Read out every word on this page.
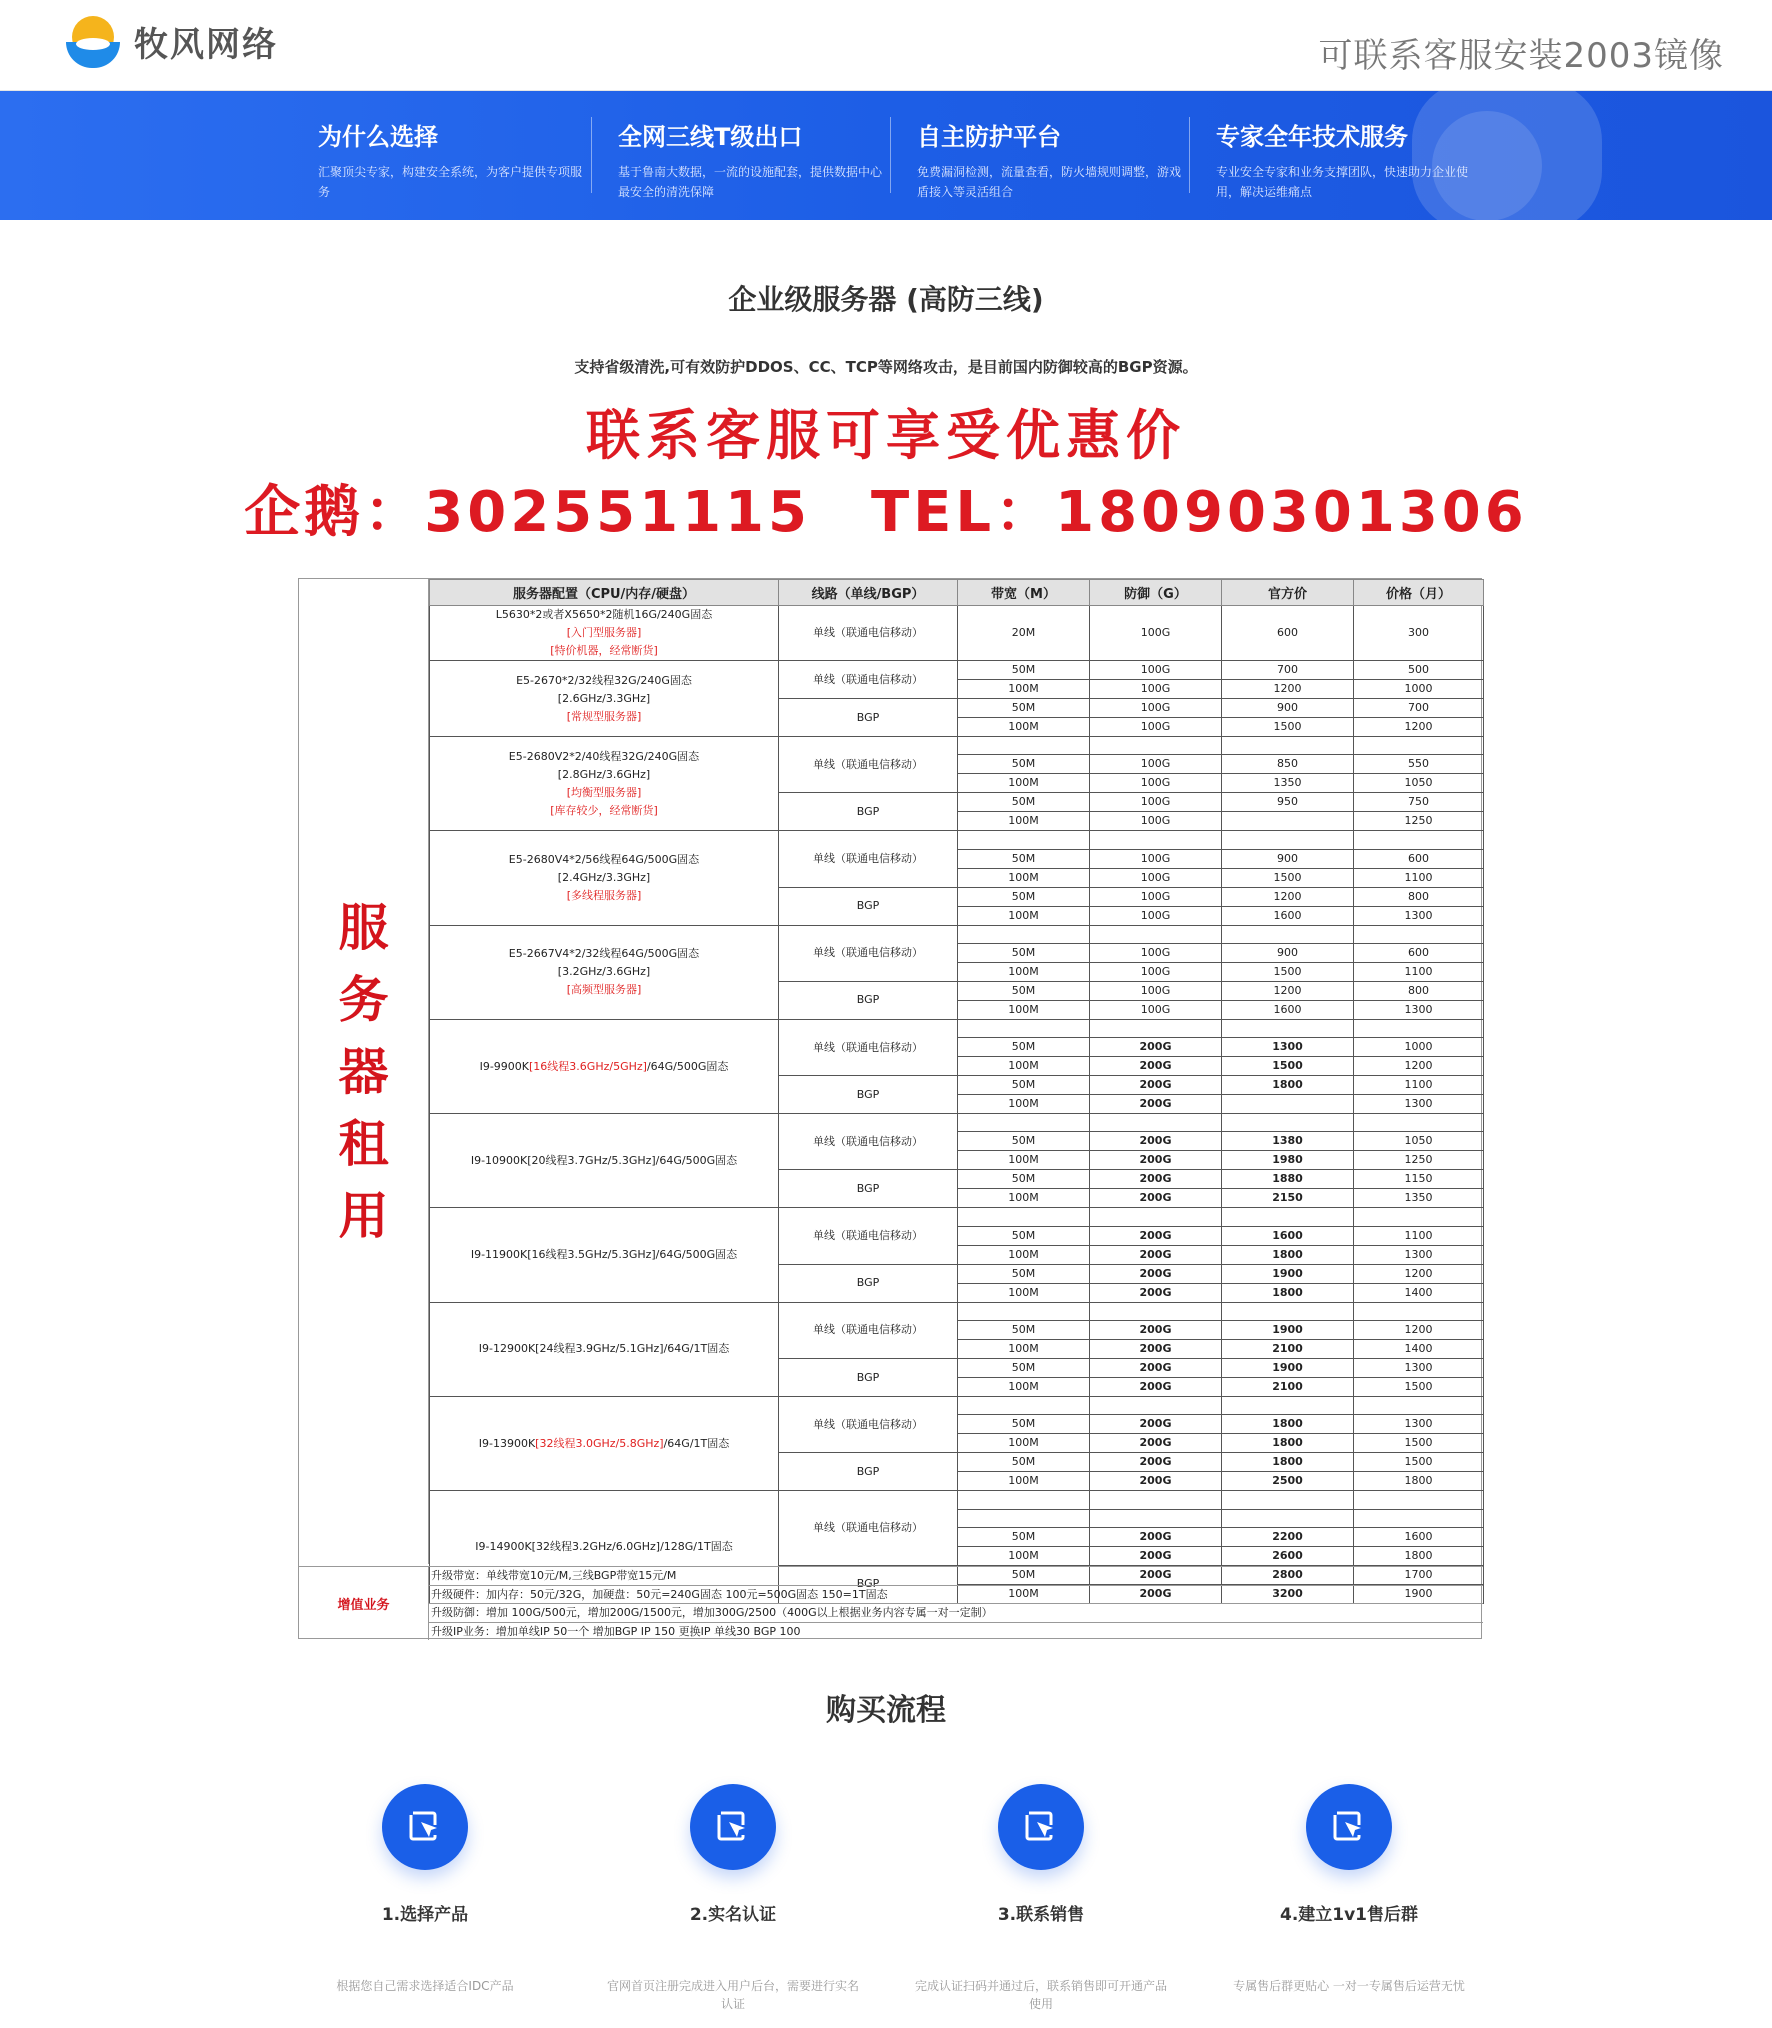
牧风网络	可联系客服安装2003镜像
为什么选择

汇聚顶尖专家，构建安全系统，为客户提供专项服务

全网三线T级出口

基于鲁南大数据，一流的设施配套，提供数据中心最安全的清洗保障

自主防护平台

免费漏洞检测，流量查看，防火墙规则调整，游戏盾接入等灵活组合

专家全年技术服务

专业安全专家和业务支撑团队，快速助力企业使用，解决运维痛点

企业级服务器 (高防三线)
支持省级清洗,可有效防护DDOS、CC、TCP等网络攻击，是目前国内防御较高的BGP资源。
联系客服可享受优惠价
企鹅：302551115 TEL：18090301306
服务器租用
服务器配置（CPU/内存/硬盘）	线路（单线/BGP）	带宽（M）	防御（G）	官方价	价格（月）

L5630*2或者X5650*2随机16G/240G固态
[入门型服务器]
[特价机器，经常断货]	单线（联通电信移动）	20M	100G	600	300

E5-2670*2/32线程32G/240G固态
[2.6GHz/3.3GHz]
[常规型服务器]	单线（联通电信移动）	50M	100G	700	500
		100M	100G	1200	1000
	BGP	50M	100G	900	700
		100M	100G	1500	1200

E5-2680V2*2/40线程32G/240G固态
[2.8GHz/3.6GHz]
[均衡型服务器]
[库存较少，经常断货]	单线（联通电信移动）				
		50M	100G	850	550
		100M	100G	1350	1050
	BGP	50M	100G	950	750
		100M	100G		1250

E5-2680V4*2/56线程64G/500G固态
[2.4GHz/3.3GHz]
[多线程服务器]	单线（联通电信移动）				
		50M	100G	900	600
		100M	100G	1500	1100
	BGP	50M	100G	1200	800
		100M	100G	1600	1300

E5-2667V4*2/32线程64G/500G固态
[3.2GHz/3.6GHz]
[高频型服务器]	单线（联通电信移动）				
		50M	100G	900	600
		100M	100G	1500	1100
	BGP	50M	100G	1200	800
		100M	100G	1600	1300

I9-9900K[16线程3.6GHz/5GHz]/64G/500G固态	单线（联通电信移动）				
		50M	200G	1300	1000
		100M	200G	1500	1200
	BGP	50M	200G	1800	1100
		100M	200G		1300

I9-10900K[20线程3.7GHz/5.3GHz]/64G/500G固态	单线（联通电信移动）				
		50M	200G	1380	1050
		100M	200G	1980	1250
	BGP	50M	200G	1880	1150
		100M	200G	2150	1350

I9-11900K[16线程3.5GHz/5.3GHz]/64G/500G固态	单线（联通电信移动）				
		50M	200G	1600	1100
		100M	200G	1800	1300
	BGP	50M	200G	1900	1200
		100M	200G	1800	1400

I9-12900K[24线程3.9GHz/5.1GHz]/64G/1T固态	单线（联通电信移动）				
		50M	200G	1900	1200
		100M	200G	2100	1400
	BGP	50M	200G	1900	1300
		100M	200G	2100	1500

I9-13900K[32线程3.0GHz/5.8GHz]/64G/1T固态	单线（联通电信移动）				
		50M	200G	1800	1300
		100M	200G	1800	1500
	BGP	50M	200G	1800	1500
		100M	200G	2500	1800

I9-14900K[32线程3.2GHz/6.0GHz]/128G/1T固态	单线（联通电信移动）				

		50M	200G	2200	1600
		100M	200G	2600	1800
	BGP	50M	200G	2800	1700
		100M	200G	3200	1900
增值业务
升级带宽：单线带宽10元/M,三线BGP带宽15元/M
升级硬件：加内存：50元/32G，加硬盘：50元=240G固态 100元=500G固态 150=1T固态
升级防御：增加 100G/500元，增加200G/1500元，增加300G/2500（400G以上根据业务内容专属一对一定制）
升级IP业务：增加单线IP 50一个 增加BGP IP 150 更换IP 单线30 BGP 100
购买流程
1.选择产品
根据您自己需求选择适合IDC产品
2.实名认证
官网首页注册完成进入用户后台，需要进行实名认证
3.联系销售
完成认证扫码并通过后，联系销售即可开通产品使用
4.建立1v1售后群
专属售后群更贴心 一对一专属售后运营无忧
